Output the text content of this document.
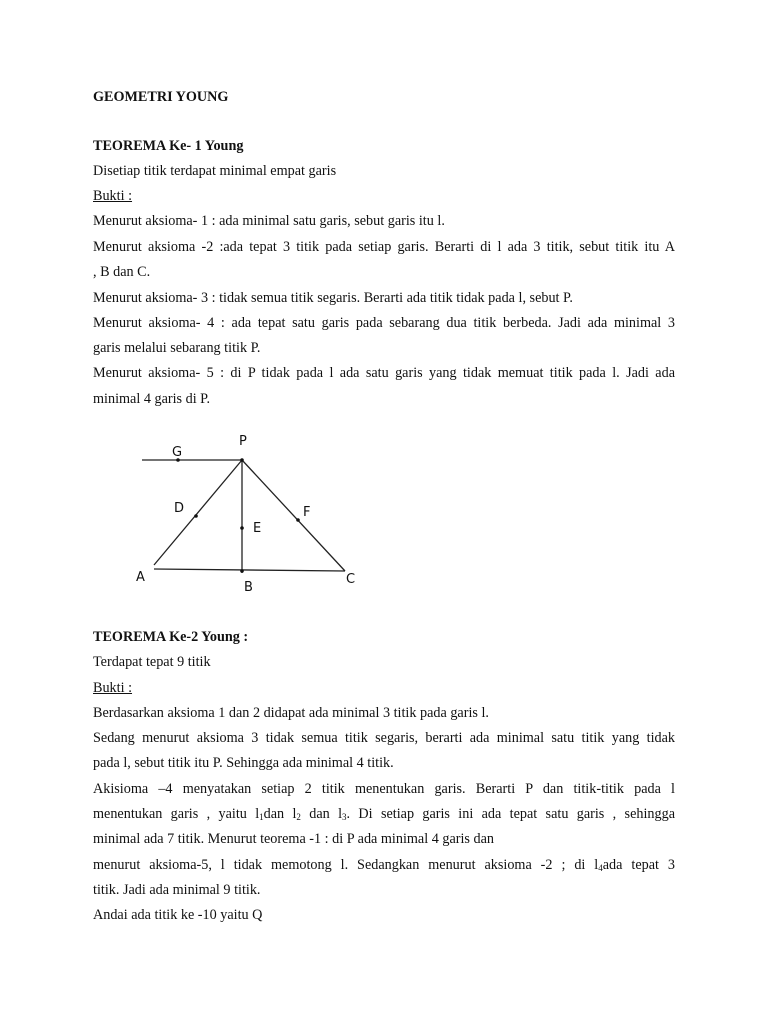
GEOMETRI YOUNG
TEOREMA Ke- 1 Young
Disetiap titik terdapat minimal empat garis
Bukti :
Menurut aksioma- 1 : ada minimal satu garis, sebut garis itu l.
Menurut aksioma -2 :ada tepat 3 titik pada setiap garis. Berarti di l ada 3 titik, sebut titik itu A
, B dan C.
Menurut aksioma- 3 : tidak semua titik segaris. Berarti ada titik tidak pada l, sebut P.
Menurut aksioma- 4 : ada tepat satu garis pada sebarang dua titik berbeda. Jadi ada minimal 3
garis melalui sebarang titik P.
Menurut aksioma- 5 : di P tidak pada l ada satu garis yang tidak memuat titik pada l. Jadi ada
minimal 4 garis di P.
G
P
D
E
F
A
B
C
TEOREMA Ke-2 Young :
Terdapat tepat 9 titik
Bukti :
Berdasarkan aksioma 1 dan 2 didapat ada minimal 3 titik pada garis l.
Sedang menurut aksioma 3 tidak semua titik segaris, berarti ada minimal satu titik yang tidak
pada l, sebut titik itu P. Sehingga ada minimal 4 titik.
Akisioma –4 menyatakan setiap 2 titik menentukan garis. Berarti P dan titik-titik pada l
menentukan garis , yaitu $l_1dan$ $l_2$ dan $l_3$. Di setiap garis ini ada tepat satu garis , sehingga
minimal ada 7 titik. Menurut teorema -1 : di P ada minimal 4 garis dan
menurut aksioma-5, l tidak memotong l. Sedangkan menurut aksioma -2 ; di $l_4ada$ tepat 3
titik. Jadi ada minimal 9 titik.
Andai ada titik ke -10 yaitu Q
